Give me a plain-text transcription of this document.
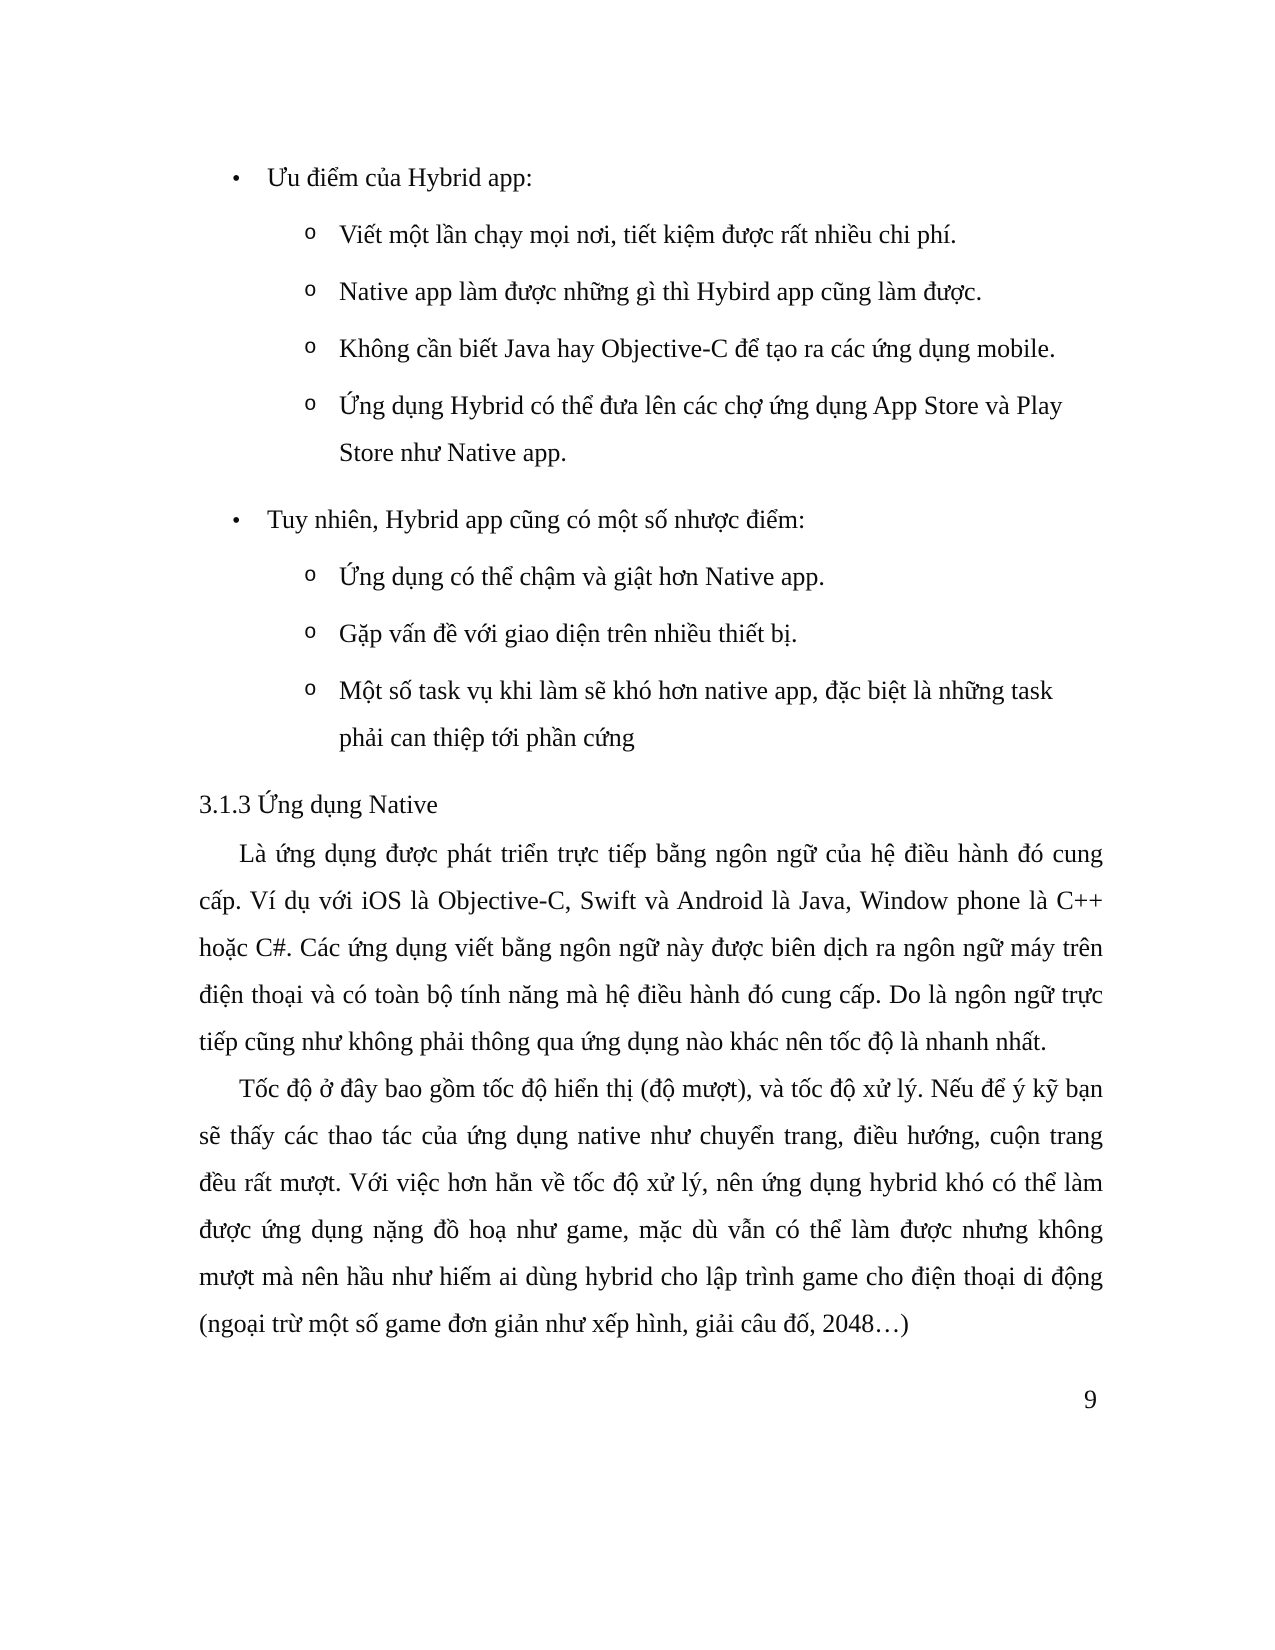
•	Ưu điểm của Hybrid app:
o Viết một lần chạy mọi nơi, tiết kiệm được rất nhiều chi phí.
o Native app làm được những gì thì Hybird app cũng làm được.
o Không cần biết Java hay Objective-C để tạo ra các ứng dụng mobile.
o Ứng dụng Hybrid có thể đưa lên các chợ ứng dụng App Store và Play Store như Native app.
•	Tuy nhiên, Hybrid app cũng có một số nhược điểm:
o Ứng dụng có thể chậm và giật hơn Native app.
o Gặp vấn đề với giao diện trên nhiều thiết bị.
o Một số task vụ khi làm sẽ khó hơn native app, đặc biệt là những task phải can thiệp tới phần cứng
3.1.3 Ứng dụng Native

Là ứng dụng được phát triển trực tiếp bằng ngôn ngữ của hệ điều hành đó cung cấp. Ví dụ với iOS là Objective-C, Swift và Android là Java, Window phone là C++ hoặc C#. Các ứng dụng viết bằng ngôn ngữ này được biên dịch ra ngôn ngữ máy trên điện thoại và có toàn bộ tính năng mà hệ điều hành đó cung cấp. Do là ngôn ngữ trực tiếp cũng như không phải thông qua ứng dụng nào khác nên tốc độ là nhanh nhất.

Tốc độ ở đây bao gồm tốc độ hiển thị (độ mượt), và tốc độ xử lý. Nếu để ý kỹ bạn sẽ thấy các thao tác của ứng dụng native như chuyển trang, điều hướng, cuộn trang đều rất mượt. Với việc hơn hẳn về tốc độ xử lý, nên ứng dụng hybrid khó có thể làm được ứng dụng nặng đồ hoạ như game, mặc dù vẫn có thể làm được nhưng không mượt mà nên hầu như hiếm ai dùng hybrid cho lập trình game cho điện thoại di động (ngoại trừ một số game đơn giản như xếp hình, giải câu đố, 2048…)

9
